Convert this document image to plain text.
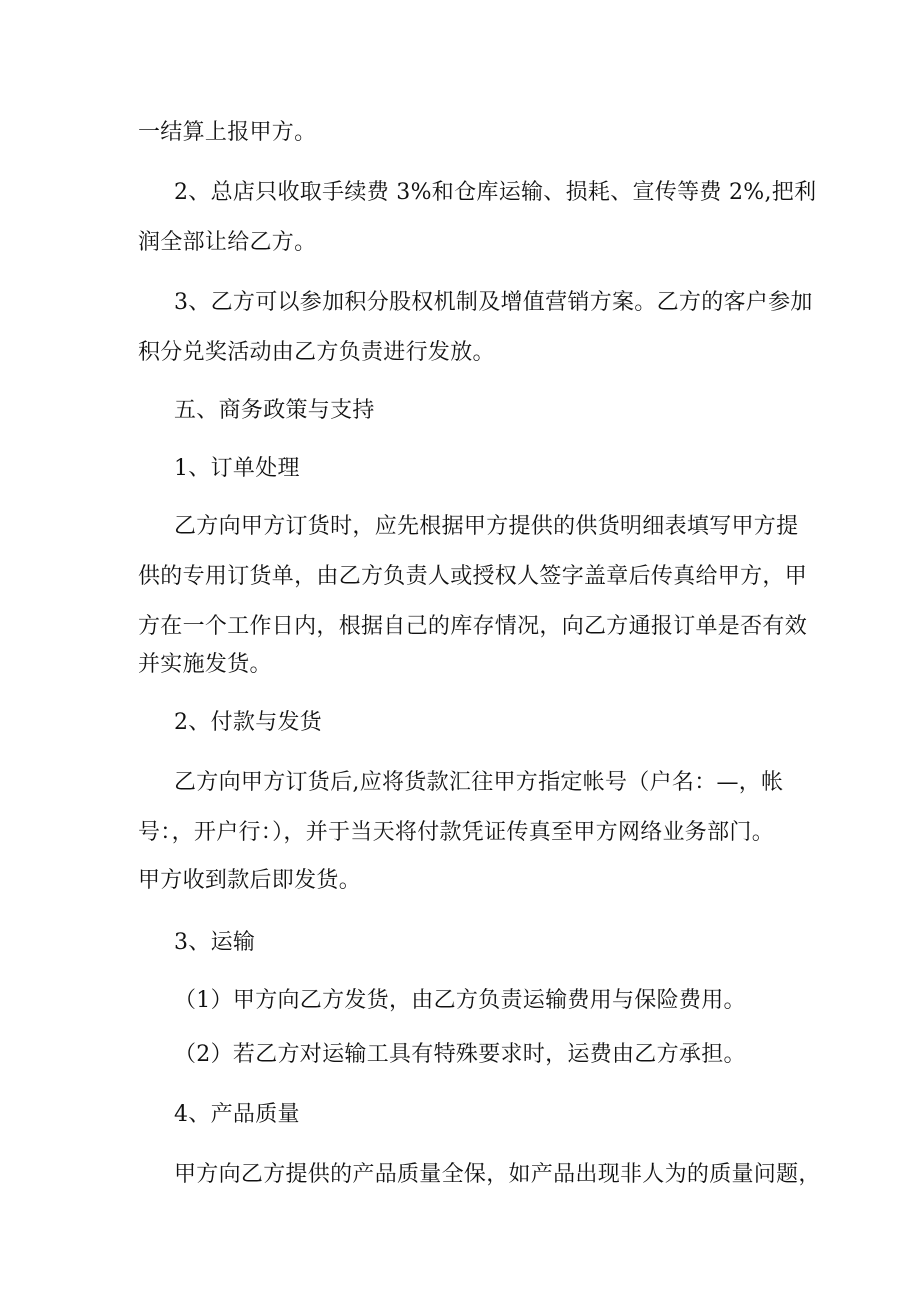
一结算上报甲方。
2、总店只收取手续费 3%和仓库运输、损耗、宣传等费 2%,把利
润全部让给乙方。
3、乙方可以参加积分股权机制及增值营销方案。乙方的客户参加
积分兑奖活动由乙方负责进行发放。
五、商务政策与支持
1、订单处理
乙方向甲方订货时，应先根据甲方提供的供货明细表填写甲方提
供的专用订货单，由乙方负责人或授权人签字盖章后传真给甲方，甲
方在一个工作日内，根据自己的库存情况，向乙方通报订单是否有效
并实施发货。
2、付款与发货
乙方向甲方订货后,应将货款汇往甲方指定帐号（户名：—，帐
号：，开户行：），并于当天将付款凭证传真至甲方网络业务部门。
甲方收到款后即发货。
3、运输
（1）甲方向乙方发货，由乙方负责运输费用与保险费用。
（2）若乙方对运输工具有特殊要求时，运费由乙方承担。
4、产品质量
甲方向乙方提供的产品质量全保，如产品出现非人为的质量问题，
